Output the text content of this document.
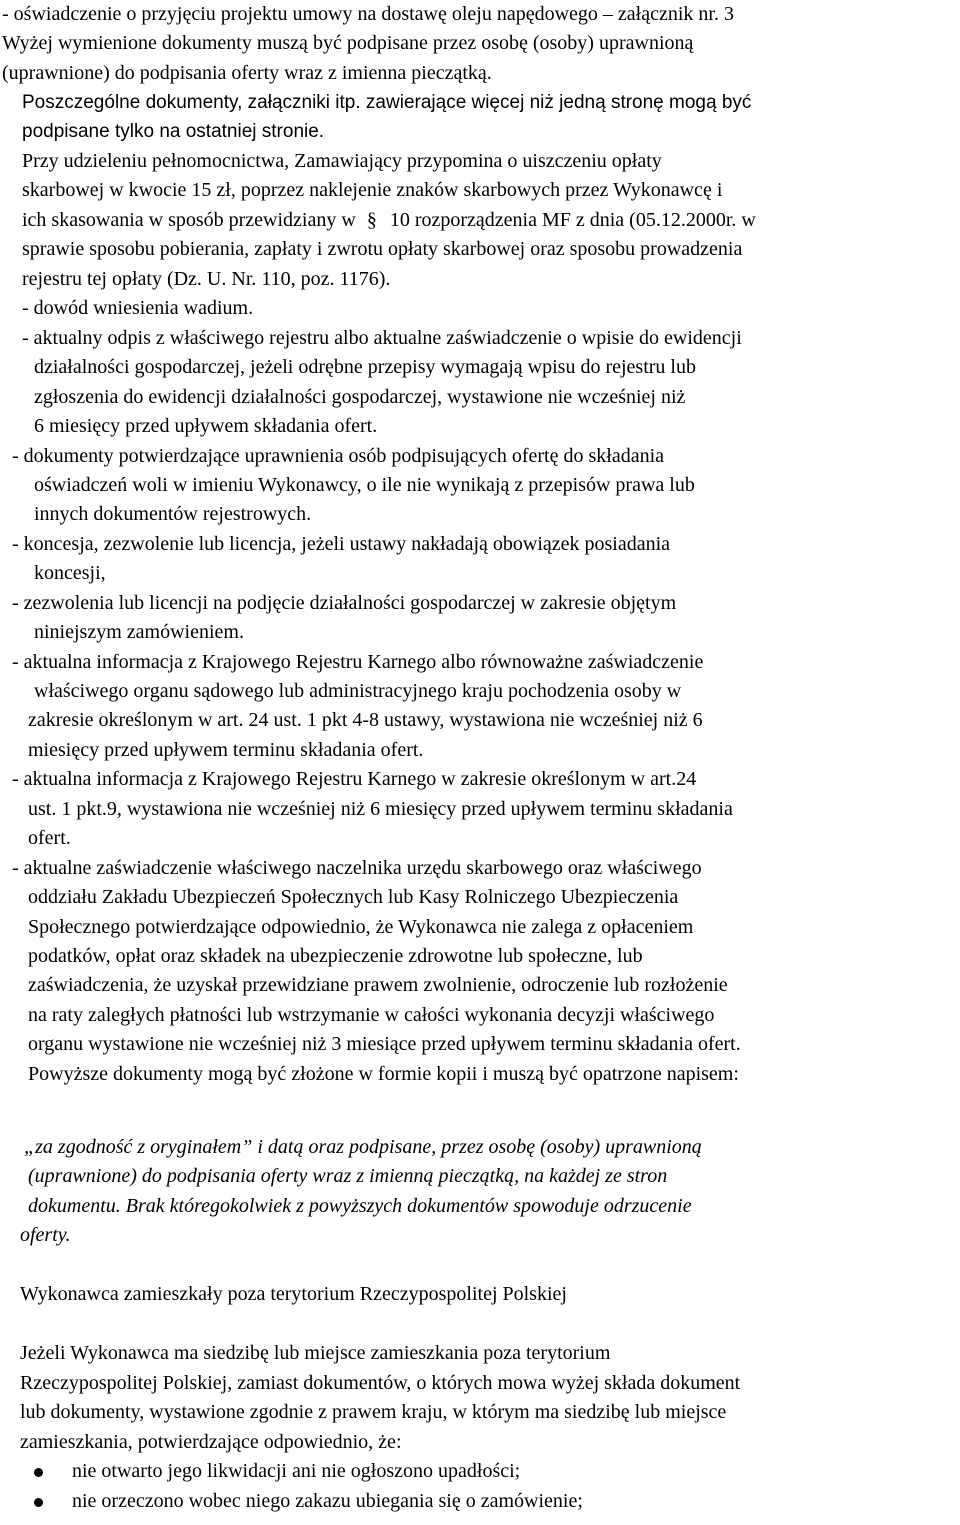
- oświadczenie o przyjęciu projektu umowy na dostawę oleju napędowego – załącznik nr. 3
Wyżej wymienione dokumenty muszą być podpisane przez osobę (osoby) uprawnioną
(uprawnione) do podpisania oferty wraz z imienna pieczątką.
Poszczególne dokumenty, załączniki itp. zawierające więcej niż jedną stronę mogą być
podpisane tylko na ostatniej stronie.
Przy udzieleniu pełnomocnictwa, Zamawiający przypomina o uiszczeniu opłaty
skarbowej w kwocie 15 zł, poprzez naklejenie znaków skarbowych przez Wykonawcę i
ich skasowania w sposób przewidziany w § 10 rozporządzenia MF z dnia (05.12.2000r. w
sprawie sposobu pobierania, zapłaty i zwrotu opłaty skarbowej oraz sposobu prowadzenia
rejestru tej opłaty (Dz. U. Nr. 110, poz. 1176).
- dowód wniesienia wadium.
- aktualny odpis z właściwego rejestru albo aktualne zaświadczenie o wpisie do ewidencji
działalności gospodarczej, jeżeli odrębne przepisy wymagają wpisu do rejestru lub
zgłoszenia do ewidencji działalności gospodarczej, wystawione nie wcześniej niż
6 miesięcy przed upływem składania ofert.
- dokumenty potwierdzające uprawnienia osób podpisujących ofertę do składania
oświadczeń woli w imieniu Wykonawcy, o ile nie wynikają z przepisów prawa lub
innych dokumentów rejestrowych.
- koncesja, zezwolenie lub licencja, jeżeli ustawy nakładają obowiązek posiadania
koncesji,
- zezwolenia lub licencji na podjęcie działalności gospodarczej w zakresie objętym
niniejszym zamówieniem.
- aktualna informacja z Krajowego Rejestru Karnego albo równoważne zaświadczenie
właściwego organu sądowego lub administracyjnego kraju pochodzenia osoby w
zakresie określonym w art. 24 ust. 1 pkt 4-8 ustawy, wystawiona nie wcześniej niż 6
miesięcy przed upływem terminu składania ofert.
- aktualna informacja z Krajowego Rejestru Karnego w zakresie określonym w art.24
ust. 1 pkt.9, wystawiona nie wcześniej niż 6 miesięcy przed upływem terminu składania
ofert.
- aktualne zaświadczenie właściwego naczelnika urzędu skarbowego oraz właściwego
oddziału Zakładu Ubezpieczeń Społecznych lub Kasy Rolniczego Ubezpieczenia
Społecznego potwierdzające odpowiednio, że Wykonawca nie zalega z opłaceniem
podatków, opłat oraz składek na ubezpieczenie zdrowotne lub społeczne, lub
zaświadczenia, że uzyskał przewidziane prawem zwolnienie, odroczenie lub rozłożenie
na raty zaległych płatności lub wstrzymanie w całości wykonania decyzji właściwego
organu wystawione nie wcześniej niż 3 miesiące przed upływem terminu składania ofert.
Powyższe dokumenty mogą być złożone w formie kopii i muszą być opatrzone napisem:
„za zgodność z oryginałem” i datą oraz podpisane, przez osobę (osoby) uprawnioną
(uprawnione) do podpisania oferty wraz z imienną pieczątką, na każdej ze stron
dokumentu. Brak któregokolwiek z powyższych dokumentów spowoduje odrzucenie
oferty.
Wykonawca zamieszkały poza terytorium Rzeczypospolitej Polskiej
Jeżeli Wykonawca ma siedzibę lub miejsce zamieszkania poza terytorium
Rzeczypospolitej Polskiej, zamiast dokumentów, o których mowa wyżej składa dokument
lub dokumenty, wystawione zgodnie z prawem kraju, w którym ma siedzibę lub miejsce
zamieszkania, potwierdzające odpowiednio, że:
nie otwarto jego likwidacji ani nie ogłoszono upadłości;
nie orzeczono wobec niego zakazu ubiegania się o zamówienie;
